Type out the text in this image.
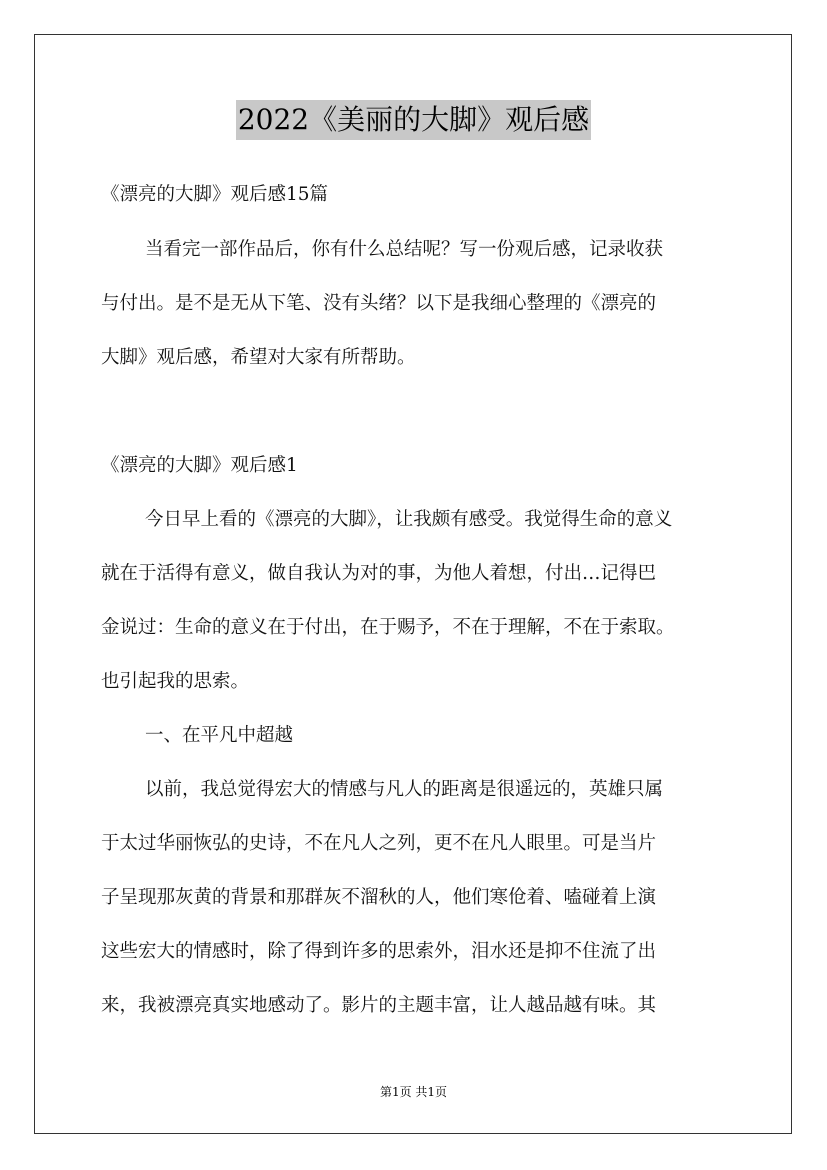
2022《美丽的大脚》观后感
《漂亮的大脚》观后感15篇
当看完一部作品后，你有什么总结呢？写一份观后感，记录收获
与付出。是不是无从下笔、没有头绪？以下是我细心整理的《漂亮的
大脚》观后感，希望对大家有所帮助。
《漂亮的大脚》观后感1
今日早上看的《漂亮的大脚》，让我颇有感受。我觉得生命的意义
就在于活得有意义，做自我认为对的事，为他人着想，付出…记得巴
金说过：生命的意义在于付出，在于赐予，不在于理解，不在于索取。
也引起我的思索。
一、在平凡中超越
以前，我总觉得宏大的情感与凡人的距离是很遥远的，英雄只属
于太过华丽恢弘的史诗，不在凡人之列，更不在凡人眼里。可是当片
子呈现那灰黄的背景和那群灰不溜秋的人，他们寒伧着、嗑碰着上演
这些宏大的情感时，除了得到许多的思索外，泪水还是抑不住流了出
来，我被漂亮真实地感动了。影片的主题丰富，让人越品越有味。其
第1页 共1页
